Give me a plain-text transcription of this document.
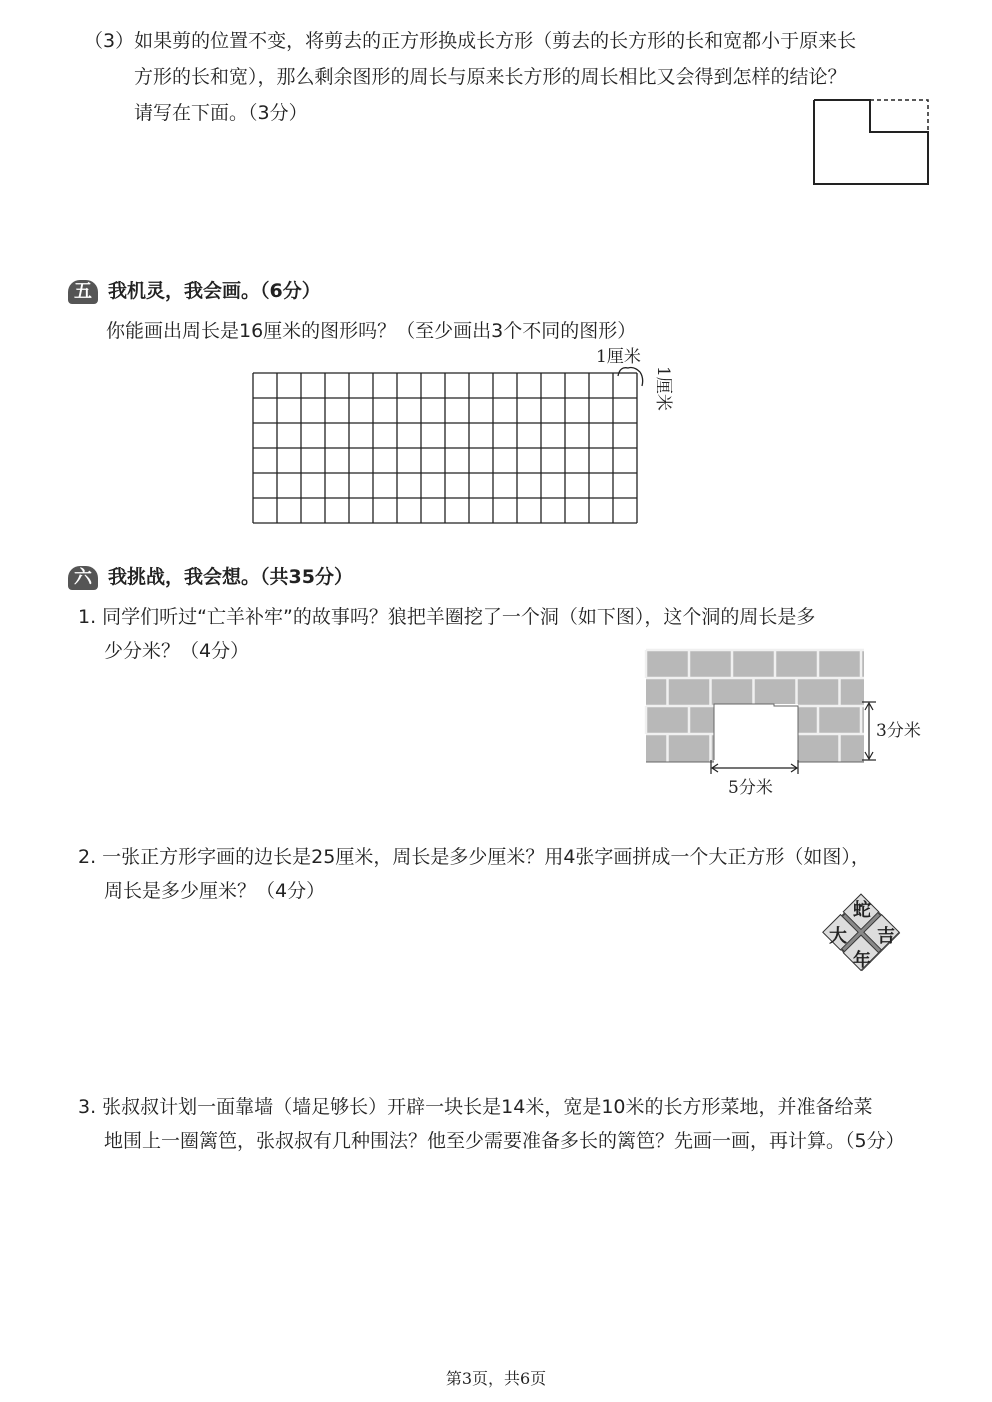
（3）如果剪的位置不变，将剪去的正方形换成长方形（剪去的长方形的长和宽都小于原来长
方形的长和宽），那么剩余图形的周长与原来长方形的周长相比又会得到怎样的结论？
请写在下面。（3分）
五 我机灵，我会画。（6分）
你能画出周长是16厘米的图形吗？（至少画出3个不同的图形）
1厘米
1厘米
六 我挑战，我会想。（共35分）
1. 同学们听过“亡羊补牢”的故事吗？狼把羊圈挖了一个洞（如下图），这个洞的周长是多
少分米？（4分）
3分米
5分米
2. 一张正方形字画的边长是25厘米，周长是多少厘米？用4张字画拼成一个大正方形（如图），
周长是多少厘米？（4分）
蛇
大 吉
年
3. 张叔叔计划一面靠墙（墙足够长）开辟一块长是14米，宽是10米的长方形菜地，并准备给菜
地围上一圈篱笆，张叔叔有几种围法？他至少需要准备多长的篱笆？先画一画，再计算。（5分）
第3页，共6页
